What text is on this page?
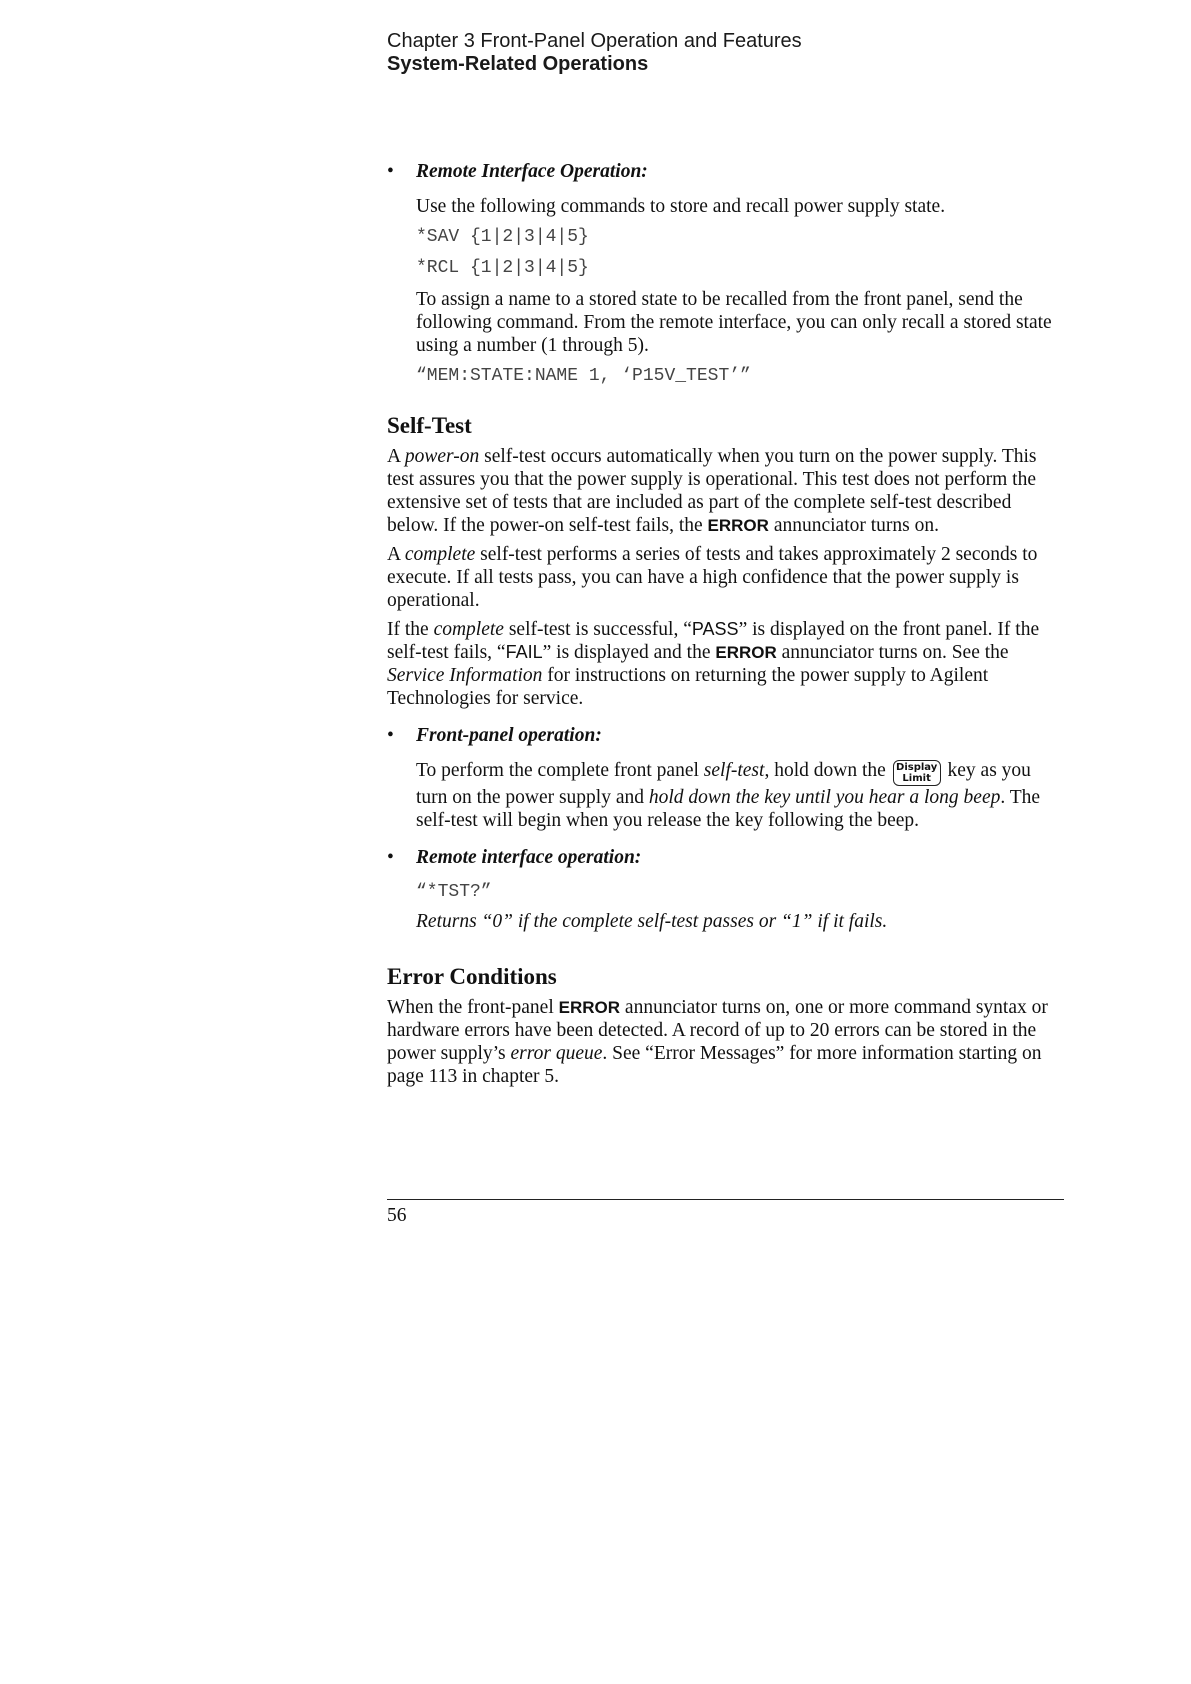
Chapter 3 Front-Panel Operation and Features
System-Related Operations

• Remote Interface Operation:

Use the following commands to store and recall power supply state.

*SAV {1|2|3|4|5}

*RCL {1|2|3|4|5}

To assign a name to a stored state to be recalled from the front panel, send the following command. From the remote interface, you can only recall a stored state using a number (1 through 5).

“MEM:STATE:NAME 1, ‘P15V_TEST’”

Self-Test

A power-on self-test occurs automatically when you turn on the power supply. This test assures you that the power supply is operational. This test does not perform the extensive set of tests that are included as part of the complete self-test described below. If the power-on self-test fails, the ERROR annunciator turns on.

A complete self-test performs a series of tests and takes approximately 2 seconds to execute. If all tests pass, you can have a high confidence that the power supply is operational.

If the complete self-test is successful, “PASS” is displayed on the front panel. If the self-test fails, “FAIL” is displayed and the ERROR annunciator turns on. See the Service Information for instructions on returning the power supply to Agilent Technologies for service.

• Front-panel operation:

To perform the complete front panel self-test, hold down the Display
Limit key as you turn on the power supply and hold down the key until you hear a long beep. The self-test will begin when you release the key following the beep.

• Remote interface operation:

“*TST?”

Returns “0” if the complete self-test passes or “1” if it fails.

Error Conditions

When the front-panel ERROR annunciator turns on, one or more command syntax or hardware errors have been detected. A record of up to 20 errors can be stored in the power supply’s error queue. See “Error Messages” for more information starting on page 113 in chapter 5.

56
